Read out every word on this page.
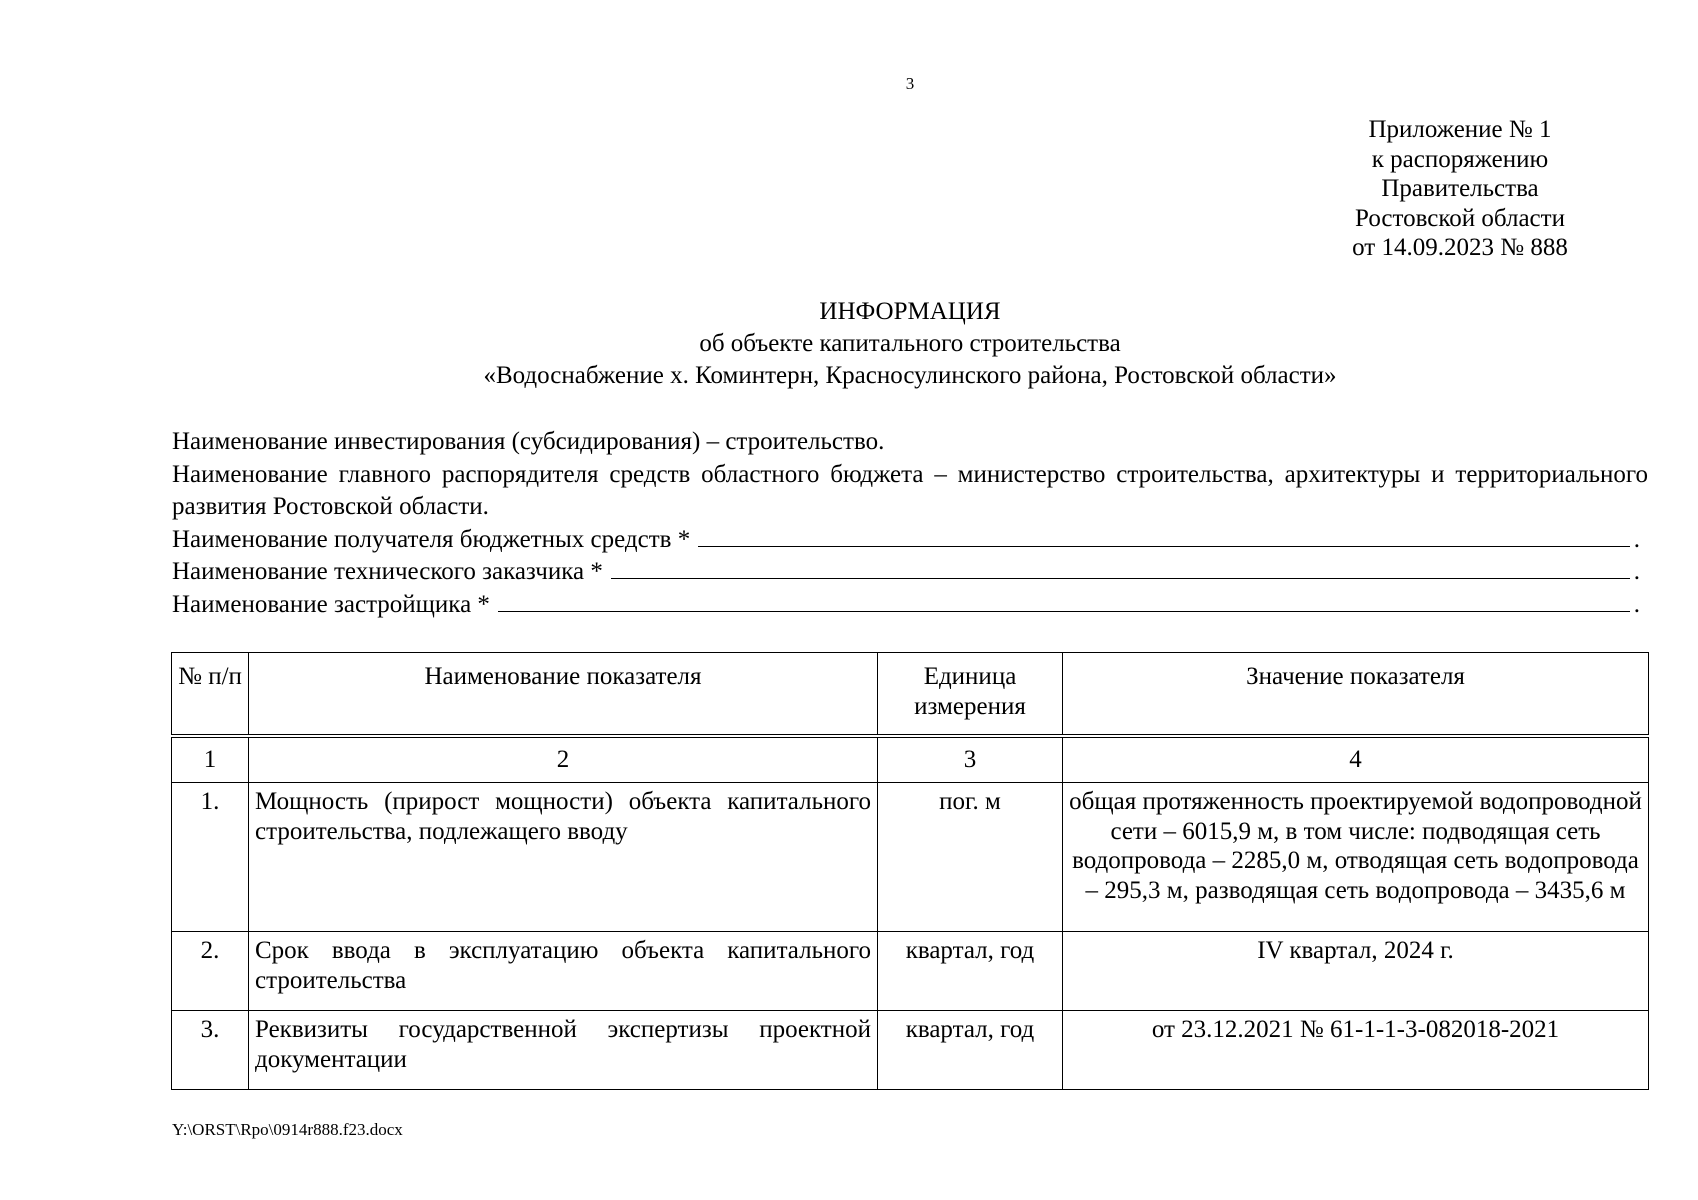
3
Приложение № 1
к распоряжению
Правительства
Ростовской области
от 14.09.2023 № 888
ИНФОРМАЦИЯ
об объекте капитального строительства
«Водоснабжение х. Коминтерн, Красносулинского района, Ростовской области»

Наименование инвестирования (субсидирования) – строительство.

Наименование главного распорядителя средств областного бюджета – министерство строительства, архитектуры и территориального развития Ростовской области.

Наименование получателя бюджетных средств *	.
Наименование технического заказчика *	.
Наименование застройщика *	.
№ п/п	Наименование показателя	Единица измерения	Значение показателя
1	2	3	4
1.	Мощность (прирост мощности) объекта капитального строительства, подлежащего вводу	пог. м	общая протяженность проектируемой водопроводной сети – 6015,9 м, в том числе: подводящая сеть водопровода – 2285,0 м, отводящая сеть водопровода – 295,3 м, разводящая сеть водопровода – 3435,6 м
2.	Срок ввода в эксплуатацию объекта капитального строительства	квартал, год	IV квартал, 2024 г.
3.	Реквизиты государственной экспертизы проектной документации	квартал, год	от 23.12.2021 № 61-1-1-3-082018-2021
Y:\ORST\Rpo\0914r888.f23.docx
